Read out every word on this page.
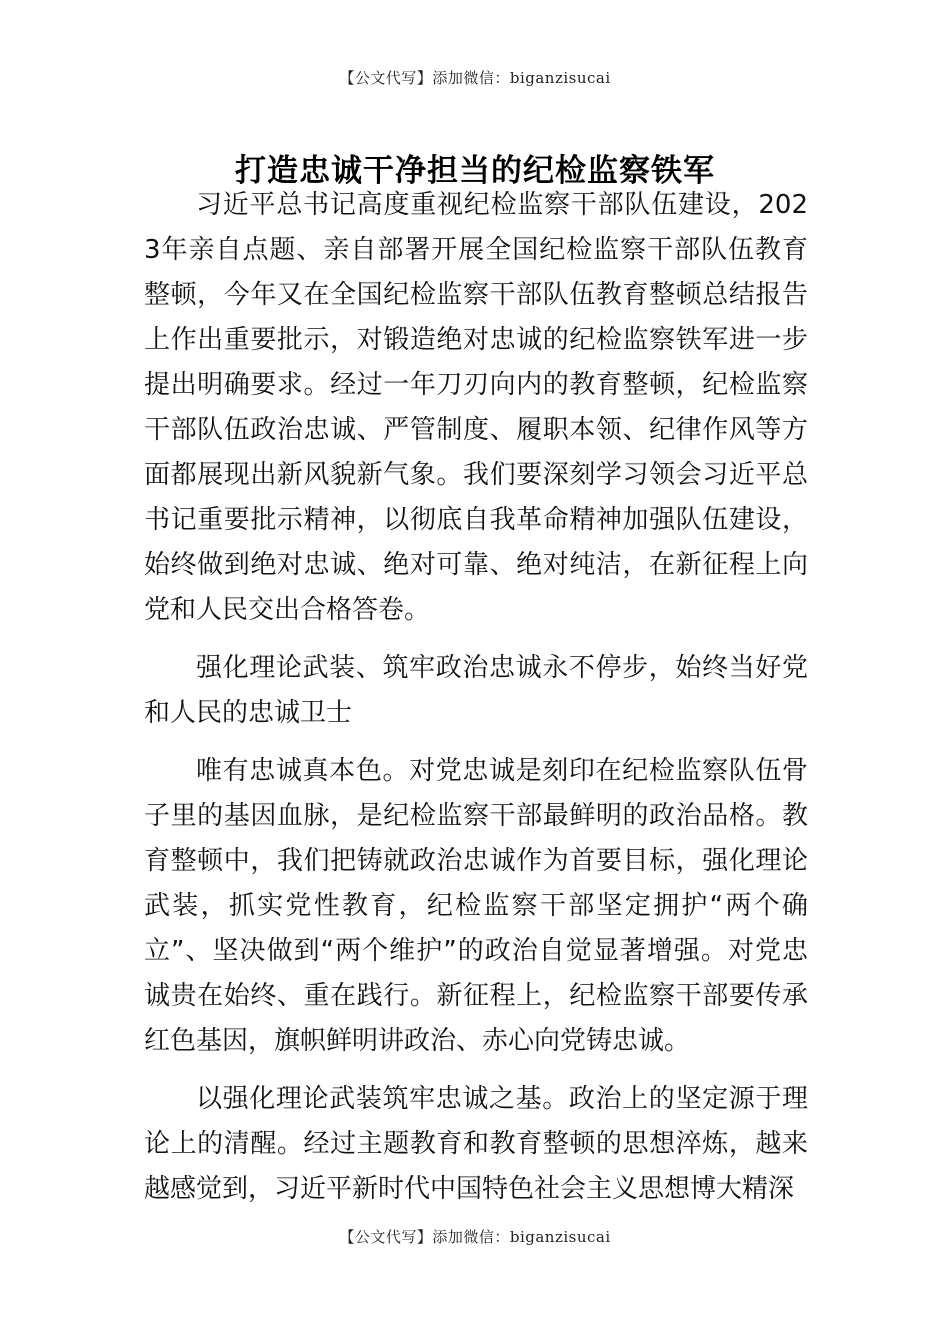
【公文代写】添加微信：biganzisucai
打造忠诚干净担当的纪检监察铁军

习近平总书记高度重视纪检监察干部队伍建设，2023年亲自点题、亲自部署开展全国纪检监察干部队伍教育整顿，今年又在全国纪检监察干部队伍教育整顿总结报告上作出重要批示，对锻造绝对忠诚的纪检监察铁军进一步提出明确要求。经过一年刀刃向内的教育整顿，纪检监察干部队伍政治忠诚、严管制度、履职本领、纪律作风等方面都展现出新风貌新气象。我们要深刻学习领会习近平总书记重要批示精神，以彻底自我革命精神加强队伍建设，始终做到绝对忠诚、绝对可靠、绝对纯洁，在新征程上向党和人民交出合格答卷。

强化理论武装、筑牢政治忠诚永不停步，始终当好党和人民的忠诚卫士

唯有忠诚真本色。对党忠诚是刻印在纪检监察队伍骨子里的基因血脉，是纪检监察干部最鲜明的政治品格。教育整顿中，我们把铸就政治忠诚作为首要目标，强化理论武装，抓实党性教育，纪检监察干部坚定拥护“两个确立”、坚决做到“两个维护”的政治自觉显著增强。对党忠诚贵在始终、重在践行。新征程上，纪检监察干部要传承红色基因，旗帜鲜明讲政治、赤心向党铸忠诚。

以强化理论武装筑牢忠诚之基。政治上的坚定源于理论上的清醒。经过主题教育和教育整顿的思想淬炼，越来越感觉到，习近平新时代中国特色社会主义思想博大精深

【公文代写】添加微信：biganzisucai
